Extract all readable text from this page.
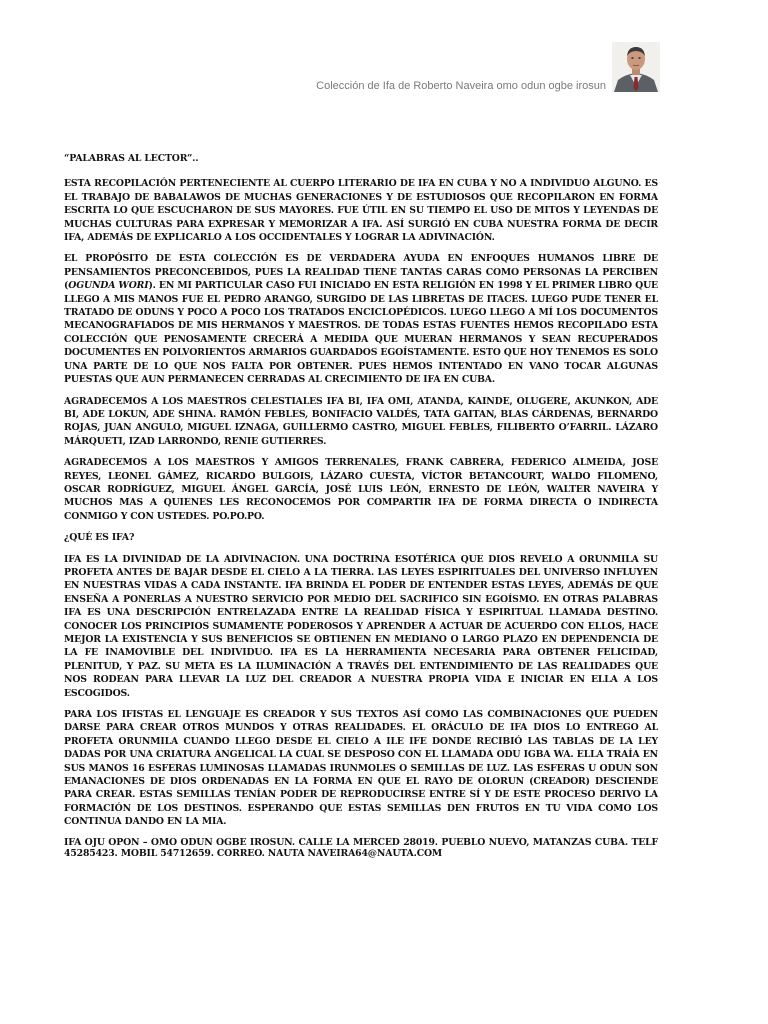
Colección de Ifa de Roberto Naveira omo odun ogbe irosun

“PALABRAS AL LECTOR”..

ESTA RECOPILACIÓN PERTENECIENTE AL CUERPO LITERARIO DE IFA EN CUBA Y NO A INDIVIDUO ALGUNO. ES EL TRABAJO DE BABALAWOS DE MUCHAS GENERACIONES Y DE ESTUDIOSOS QUE RECOPILARON EN FORMA ESCRITA LO QUE ESCUCHARON DE SUS MAYORES. FUE ÚTIL EN SU TIEMPO EL USO DE MITOS Y LEYENDAS DE MUCHAS CULTURAS PARA EXPRESAR Y MEMORIZAR A IFA. ASÍ SURGIÓ EN CUBA NUESTRA FORMA DE DECIR IFA, ADEMÁS DE EXPLICARLO A LOS OCCIDENTALES Y LOGRAR LA ADIVINACIÓN.

EL PROPÓSITO DE ESTA COLECCIÓN ES DE VERDADERA AYUDA EN ENFOQUES HUMANOS LIBRE DE PENSAMIENTOS PRECONCEBIDOS, PUES LA REALIDAD TIENE TANTAS CARAS COMO PERSONAS LA PERCIBEN (OGUNDA WORI). EN MI PARTICULAR CASO FUI INICIADO EN ESTA RELIGIÓN EN 1998 Y EL PRIMER LIBRO QUE LLEGO A MIS MANOS FUE EL PEDRO ARANGO, SURGIDO DE LAS LIBRETAS DE ITACES. LUEGO PUDE TENER EL TRATADO DE ODUNS Y POCO A POCO LOS TRATADOS ENCICLOPÉDICOS. LUEGO LLEGO A MÍ LOS DOCUMENTOS MECANOGRAFIADOS DE MIS HERMANOS Y MAESTROS. DE TODAS ESTAS FUENTES HEMOS RECOPILADO ESTA COLECCIÓN QUE PENOSAMENTE CRECERÁ A MEDIDA QUE MUERAN HERMANOS Y SEAN RECUPERADOS DOCUMENTES EN POLVORIENTOS ARMARIOS GUARDADOS EGOÍSTAMENTE. ESTO QUE HOY TENEMOS ES SOLO UNA PARTE DE LO QUE NOS FALTA POR OBTENER. PUES HEMOS INTENTADO EN VANO TOCAR ALGUNAS PUESTAS QUE AUN PERMANECEN CERRADAS AL CRECIMIENTO DE IFA EN CUBA.

AGRADECEMOS A LOS MAESTROS CELESTIALES IFA BI, IFA OMI, ATANDA, KAINDE, OLUGERE, AKUNKON, ADE BI, ADE LOKUN, ADE SHINA. RAMÓN FEBLES, BONIFACIO VALDÉS, TATA GAITAN, BLAS CÁRDENAS, BERNARDO ROJAS, JUAN ANGULO, MIGUEL IZNAGA, GUILLERMO CASTRO, MIGUEL FEBLES, FILIBERTO O’FARRIL. LÁZARO MÁRQUETI, IZAD LARRONDO, RENIE GUTIERRES.

AGRADECEMOS A LOS MAESTROS Y AMIGOS TERRENALES, FRANK CABRERA, FEDERICO ALMEIDA, JOSE REYES, LEONEL GÁMEZ, RICARDO BULGOIS, LÁZARO CUESTA, VÍCTOR BETANCOURT, WALDO FILOMENO, OSCAR RODRÍGUEZ, MIGUEL ÁNGEL GARCÍA, JOSÉ LUIS LEÓN, ERNESTO DE LEÓN, WALTER NAVEIRA Y MUCHOS MAS A QUIENES LES RECONOCEMOS POR COMPARTIR IFA DE FORMA DIRECTA O INDIRECTA CONMIGO Y CON USTEDES. PO.PO.PO.

¿QUÉ ES IFA?

IFA ES LA DIVINIDAD DE LA ADIVINACION. UNA DOCTRINA ESOTÉRICA QUE DIOS REVELO A ORUNMILA SU PROFETA ANTES DE BAJAR DESDE EL CIELO A LA TIERRA. LAS LEYES ESPIRITUALES DEL UNIVERSO INFLUYEN EN NUESTRAS VIDAS A CADA INSTANTE. IFA BRINDA EL PODER DE ENTENDER ESTAS LEYES, ADEMÁS DE QUE ENSEÑA A PONERLAS A NUESTRO SERVICIO POR MEDIO DEL SACRIFICO SIN EGOÍSMO. EN OTRAS PALABRAS IFA ES UNA DESCRIPCIÓN ENTRELAZADA ENTRE LA REALIDAD FÍSICA Y ESPIRITUAL LLAMADA DESTINO. CONOCER LOS PRINCIPIOS SUMAMENTE PODEROSOS Y APRENDER A ACTUAR DE ACUERDO CON ELLOS, HACE MEJOR LA EXISTENCIA Y SUS BENEFICIOS SE OBTIENEN EN MEDIANO O LARGO PLAZO EN DEPENDENCIA DE LA FE INAMOVIBLE DEL INDIVIDUO. IFA ES LA HERRAMIENTA NECESARIA PARA OBTENER FELICIDAD, PLENITUD, Y PAZ. SU META ES LA ILUMINACIÓN A TRAVÉS DEL ENTENDIMIENTO DE LAS REALIDADES QUE NOS RODEAN PARA LLEVAR LA LUZ DEL CREADOR A NUESTRA PROPIA VIDA E INICIAR EN ELLA A LOS ESCOGIDOS.

PARA LOS IFISTAS EL LENGUAJE ES CREADOR Y SUS TEXTOS ASÍ COMO LAS COMBINACIONES QUE PUEDEN DARSE PARA CREAR OTROS MUNDOS Y OTRAS REALIDADES. EL ORÁCULO DE IFA DIOS LO ENTREGO AL PROFETA ORUNMILA CUANDO LLEGO DESDE EL CIELO A ILE IFE DONDE RECIBIÓ LAS TABLAS DE LA LEY DADAS POR UNA CRIATURA ANGELICAL LA CUAL SE DESPOSO CON EL LLAMADA ODU IGBA WA. ELLA TRAÍA EN SUS MANOS 16 ESFERAS LUMINOSAS LLAMADAS IRUNMOLES O SEMILLAS DE LUZ. LAS ESFERAS U ODUN SON EMANACIONES DE DIOS ORDENADAS EN LA FORMA EN QUE EL RAYO DE OLORUN (CREADOR) DESCIENDE PARA CREAR. ESTAS SEMILLAS TENÍAN PODER DE REPRODUCIRSE ENTRE SÍ Y DE ESTE PROCESO DERIVO LA FORMACIÓN DE LOS DESTINOS. ESPERANDO QUE ESTAS SEMILLAS DEN FRUTOS EN TU VIDA COMO LOS CONTINUA DANDO EN LA MIA.

IFA OJU OPON – OMO ODUN OGBE IROSUN. CALLE LA MERCED 28019. PUEBLO NUEVO, MATANZAS CUBA. TELF 45285423. MOBIL 54712659. CORREO. NAUTA NAVEIRA64@NAUTA.COM
